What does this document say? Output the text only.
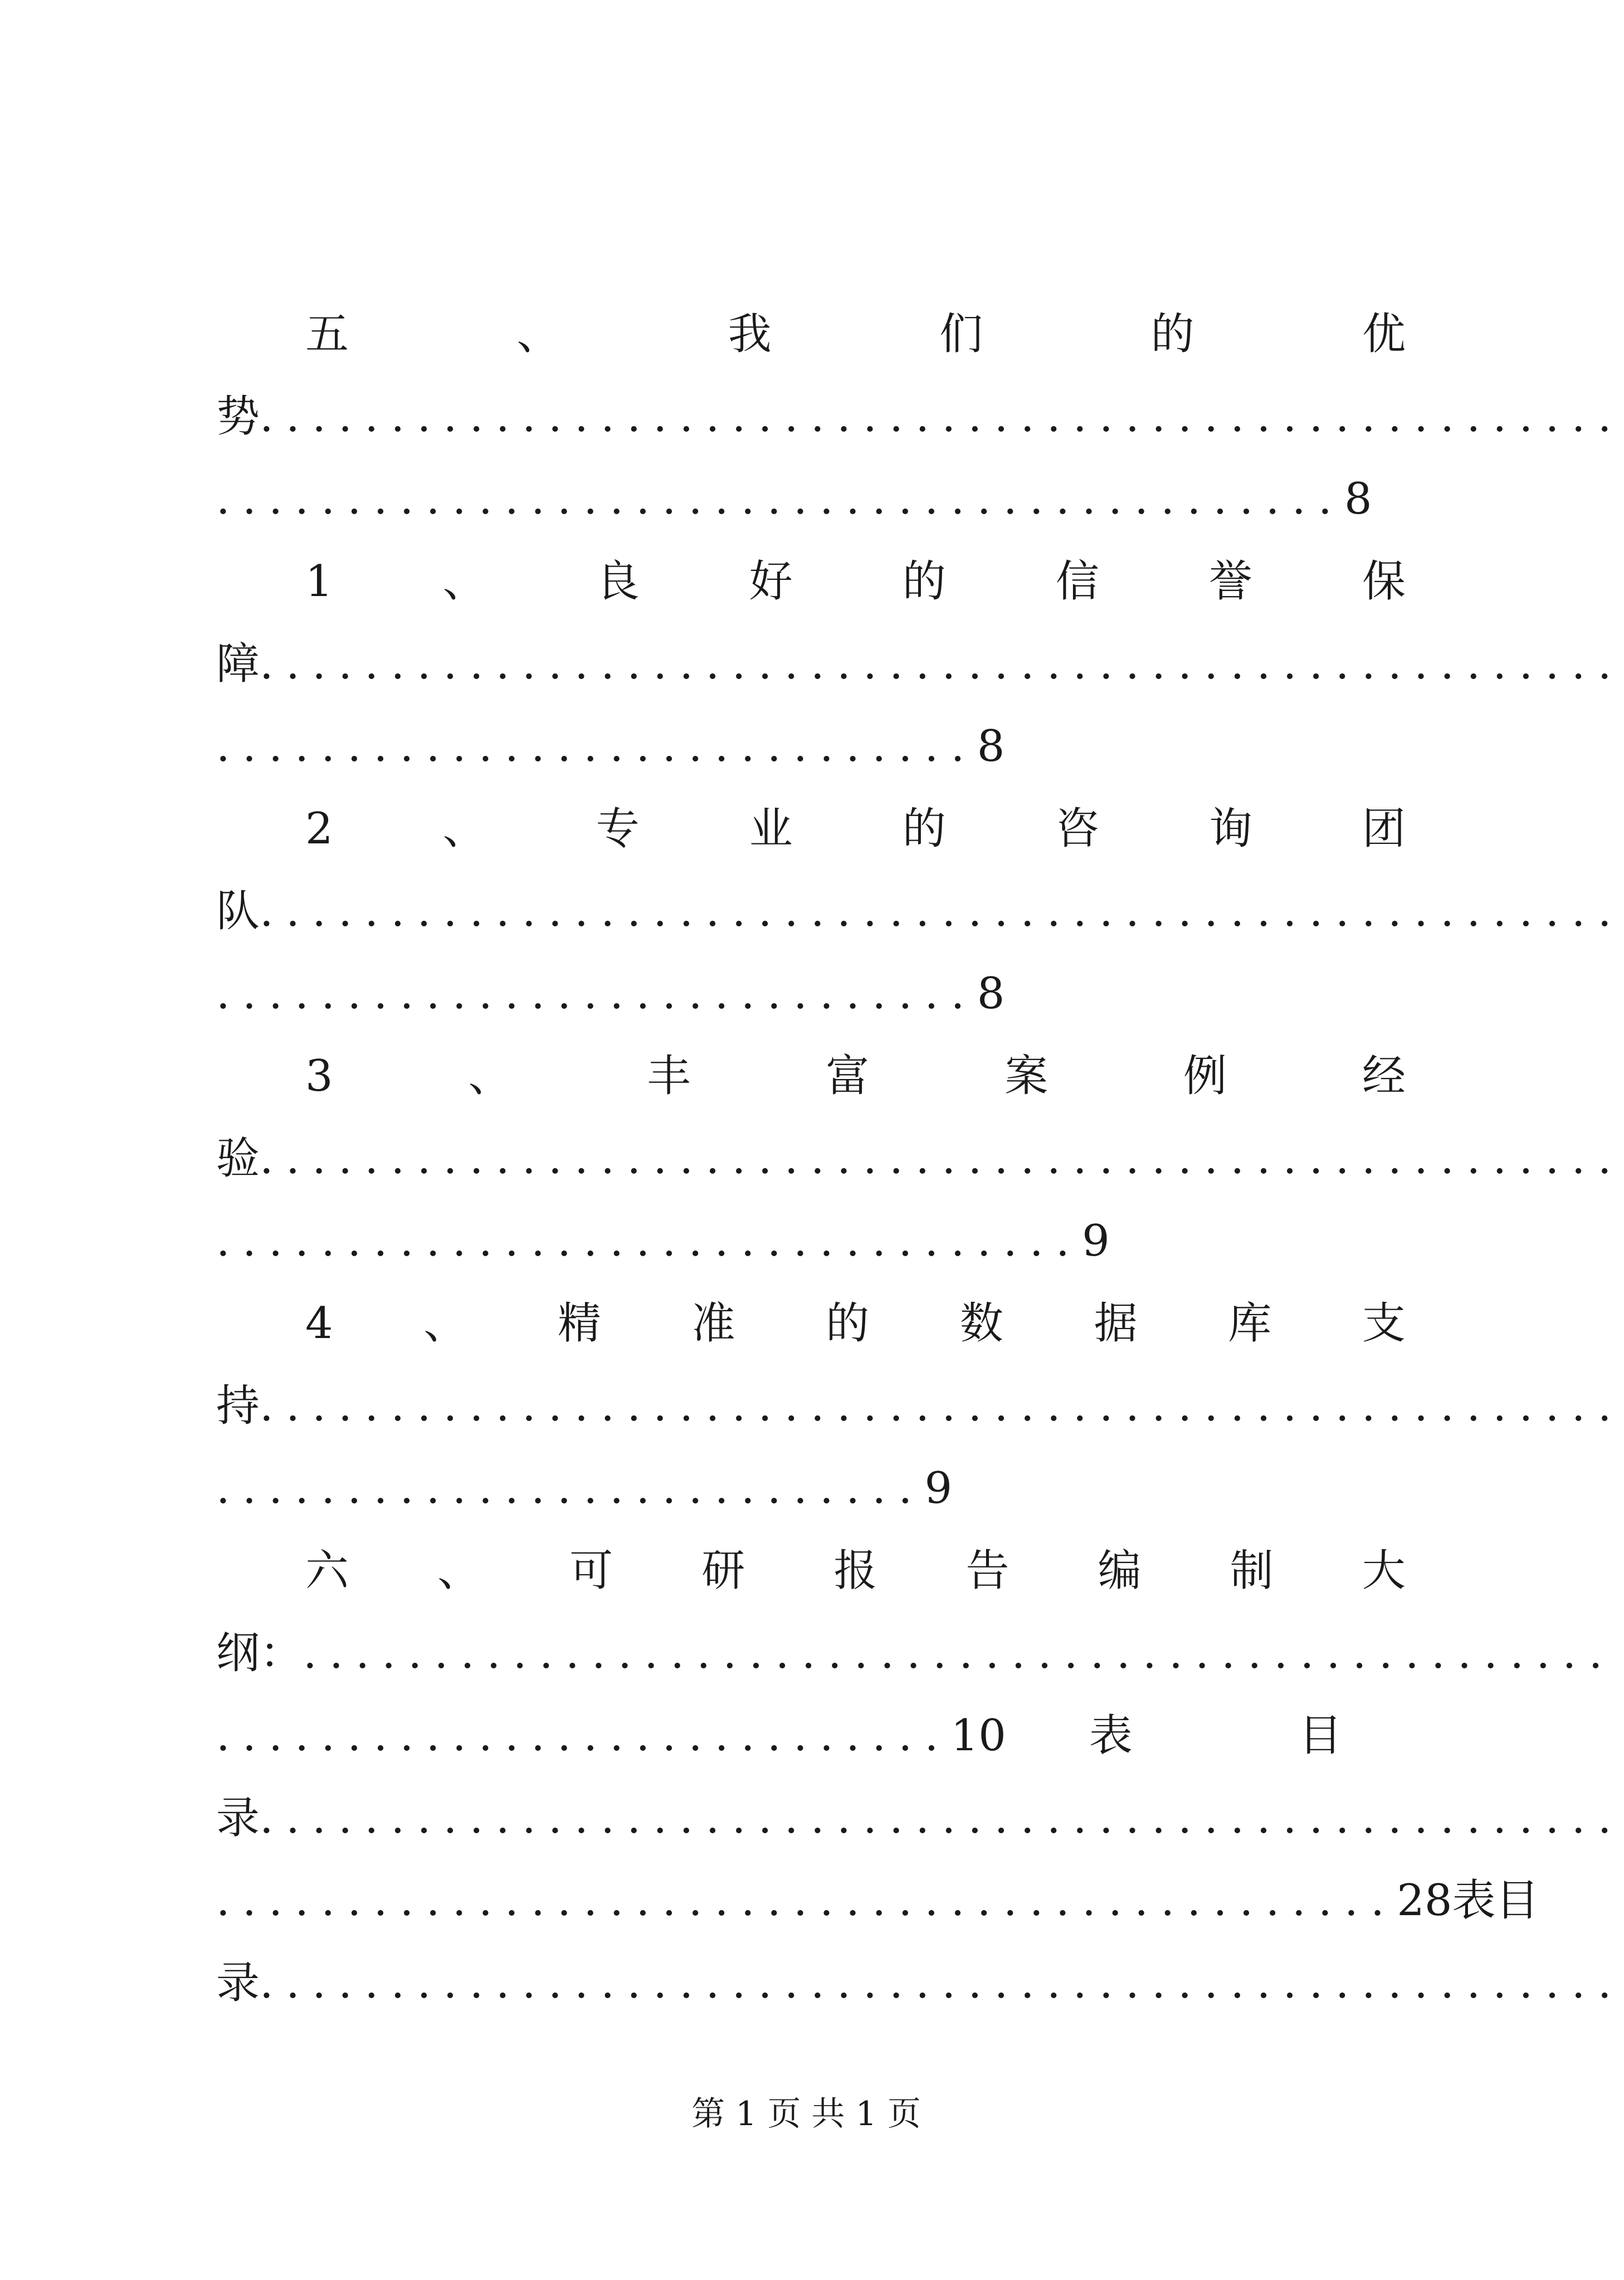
五	、	我	们	的	优
势....................................................
...........................................8
1	、	良	好	的	信	誉	保
障....................................................
.............................8
2	、	专	业	的	咨	询	团
队....................................................
.............................8
3	、	丰	富	案	例	经
验....................................................
.................................9
4 、 精 准 的 数 据 库 支
持....................................................
...........................9
六 、 可 研 报 告 编 制 大
纲：..................................................
............................ 10 表	目
录....................................................
............................................. 28 表 目
录....................................................
第 1 页 共 1 页
